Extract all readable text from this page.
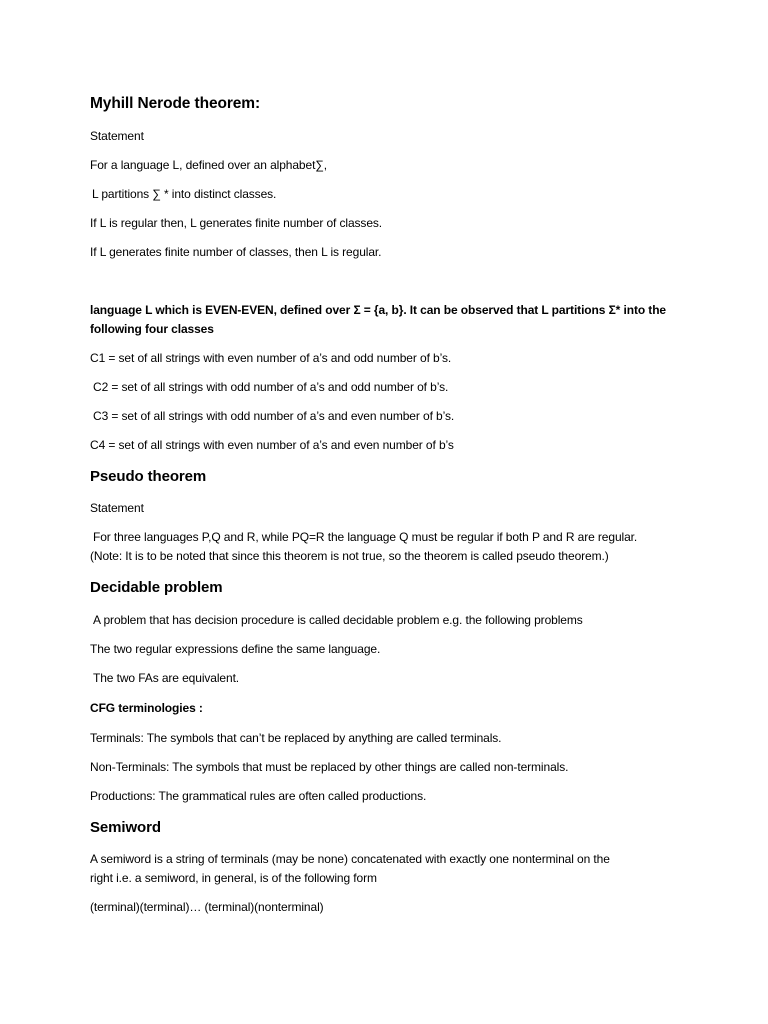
Myhill Nerode theorem:
Statement
For a language L, defined over an alphabet∑,
L partitions ∑ * into distinct classes.
If L is regular then, L generates finite number of classes.
If L generates finite number of classes, then L is regular.
language L which is EVEN-EVEN, defined over Σ = {a, b}. It can be observed that L partitions Σ* into the
following four classes
C1 = set of all strings with even number of a’s and odd number of b’s.
C2 = set of all strings with odd number of a’s and odd number of b’s.
C3 = set of all strings with odd number of a’s and even number of b’s.
C4 = set of all strings with even number of a’s and even number of b’s
Pseudo theorem
Statement
For three languages P,Q and R, while PQ=R the language Q must be regular if both P and R are regular.
(Note: It is to be noted that since this theorem is not true, so the theorem is called pseudo theorem.)
Decidable problem
A problem that has decision procedure is called decidable problem e.g. the following problems
The two regular expressions define the same language.
The two FAs are equivalent.
CFG terminologies :
Terminals: The symbols that can’t be replaced by anything are called terminals.
Non-Terminals: The symbols that must be replaced by other things are called non-terminals.
Productions: The grammatical rules are often called productions.
Semiword
A semiword is a string of terminals (may be none) concatenated with exactly one nonterminal on the
right i.e. a semiword, in general, is of the following form
(terminal)(terminal)… (terminal)(nonterminal)
